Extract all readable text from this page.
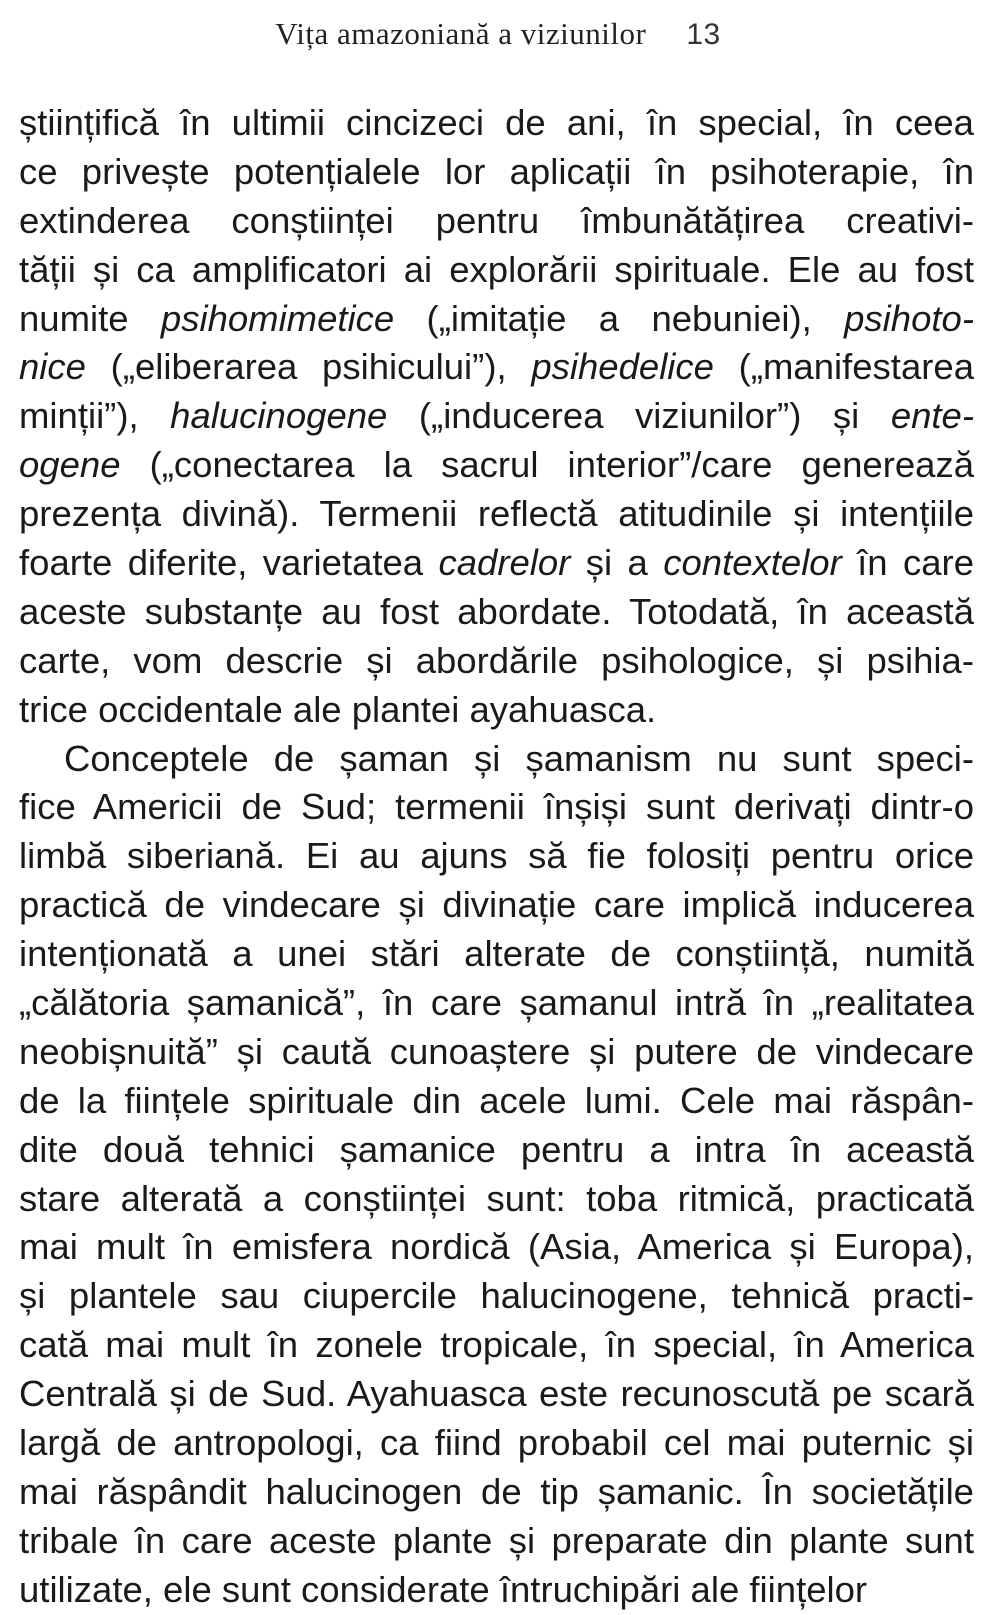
Vița amazoniană a viziunilor 13
științifică în ultimii cincizeci de ani, în special, în ceea
ce privește potențialele lor aplicații în psihoterapie, în
extinderea conștiinței pentru îmbunătățirea creativi-
tății și ca amplificatori ai explorării spirituale. Ele au fost
numite psihomimetice („imitație a nebuniei), psihoto-
nice („eliberarea psihicului”), psihedelice („manifestarea
minții”), halucinogene („inducerea viziunilor”) și ente-
ogene („conectarea la sacrul interior”/care generează
prezența divină). Termenii reflectă atitudinile și intențiile
foarte diferite, varietatea cadrelor și a contextelor în care
aceste substanțe au fost abordate. Totodată, în această
carte, vom descrie și abordările psihologice, și psihia-
trice occidentale ale plantei ayahuasca.
Conceptele de șaman și șamanism nu sunt speci-
fice Americii de Sud; termenii înșiși sunt derivați dintr-o
limbă siberiană. Ei au ajuns să fie folosiți pentru orice
practică de vindecare și divinație care implică inducerea
intenționată a unei stări alterate de conștiință, numită
„călătoria șamanică”, în care șamanul intră în „realitatea
neobișnuită” și caută cunoaștere și putere de vindecare
de la ființele spirituale din acele lumi. Cele mai răspân-
dite două tehnici șamanice pentru a intra în această
stare alterată a conștiinței sunt: toba ritmică, practicată
mai mult în emisfera nordică (Asia, America și Europa),
și plantele sau ciupercile halucinogene, tehnică practi-
cată mai mult în zonele tropicale, în special, în America
Centrală și de Sud. Ayahuasca este recunoscută pe scară
largă de antropologi, ca fiind probabil cel mai puternic și
mai răspândit halucinogen de tip șamanic. În societățile
tribale în care aceste plante și preparate din plante sunt
utilizate, ele sunt considerate întruchipări ale ființelor
